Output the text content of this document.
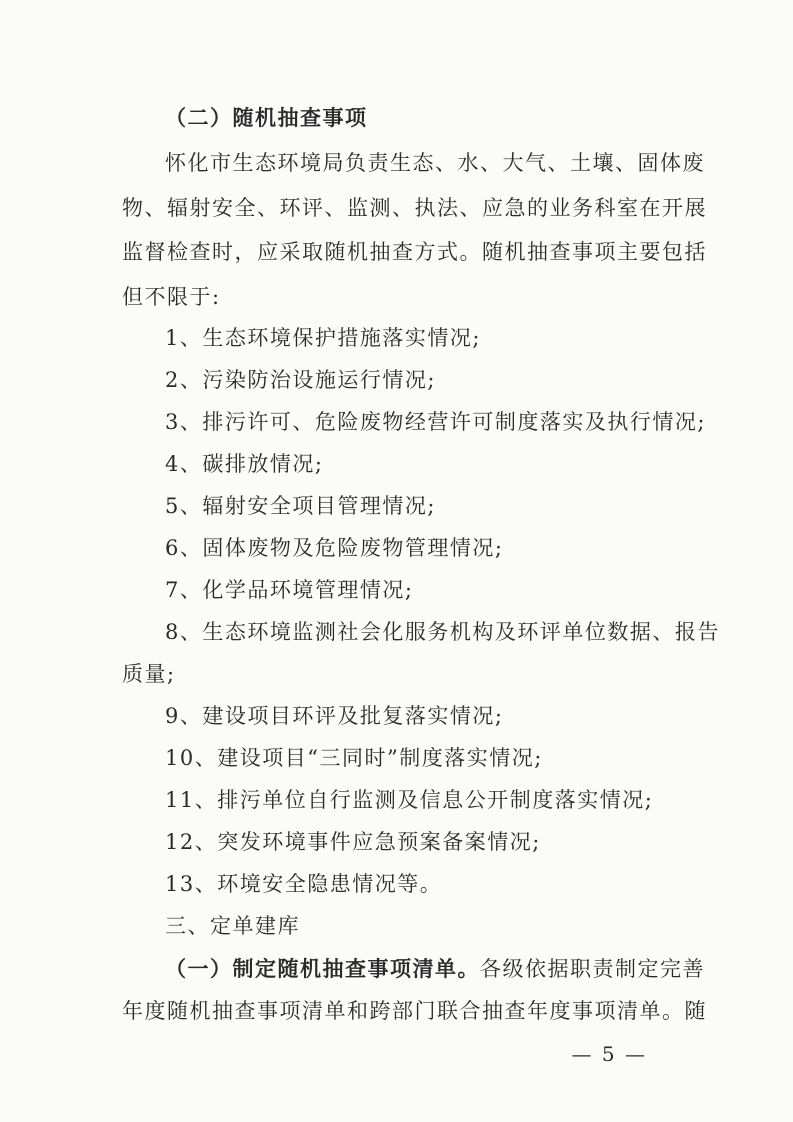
（二）随机抽查事项
怀化市生态环境局负责生态、水、大气、土壤、固体废
物、辐射安全、环评、监测、执法、应急的业务科室在开展
监督检查时，应采取随机抽查方式。随机抽查事项主要包括
但不限于:
1、生态环境保护措施落实情况;
2、污染防治设施运行情况;
3、排污许可、危险废物经营许可制度落实及执行情况;
4、碳排放情况;
5、辐射安全项目管理情况;
6、固体废物及危险废物管理情况;
7、化学品环境管理情况;
8、生态环境监测社会化服务机构及环评单位数据、报告
质量;
9、建设项目环评及批复落实情况;
10、建设项目“三同时”制度落实情况;
11、排污单位自行监测及信息公开制度落实情况;
12、突发环境事件应急预案备案情况;
13、环境安全隐患情况等。
三、定单建库
（一）制定随机抽查事项清单。各级依据职责制定完善
年度随机抽查事项清单和跨部门联合抽查年度事项清单。随
— 5 —
